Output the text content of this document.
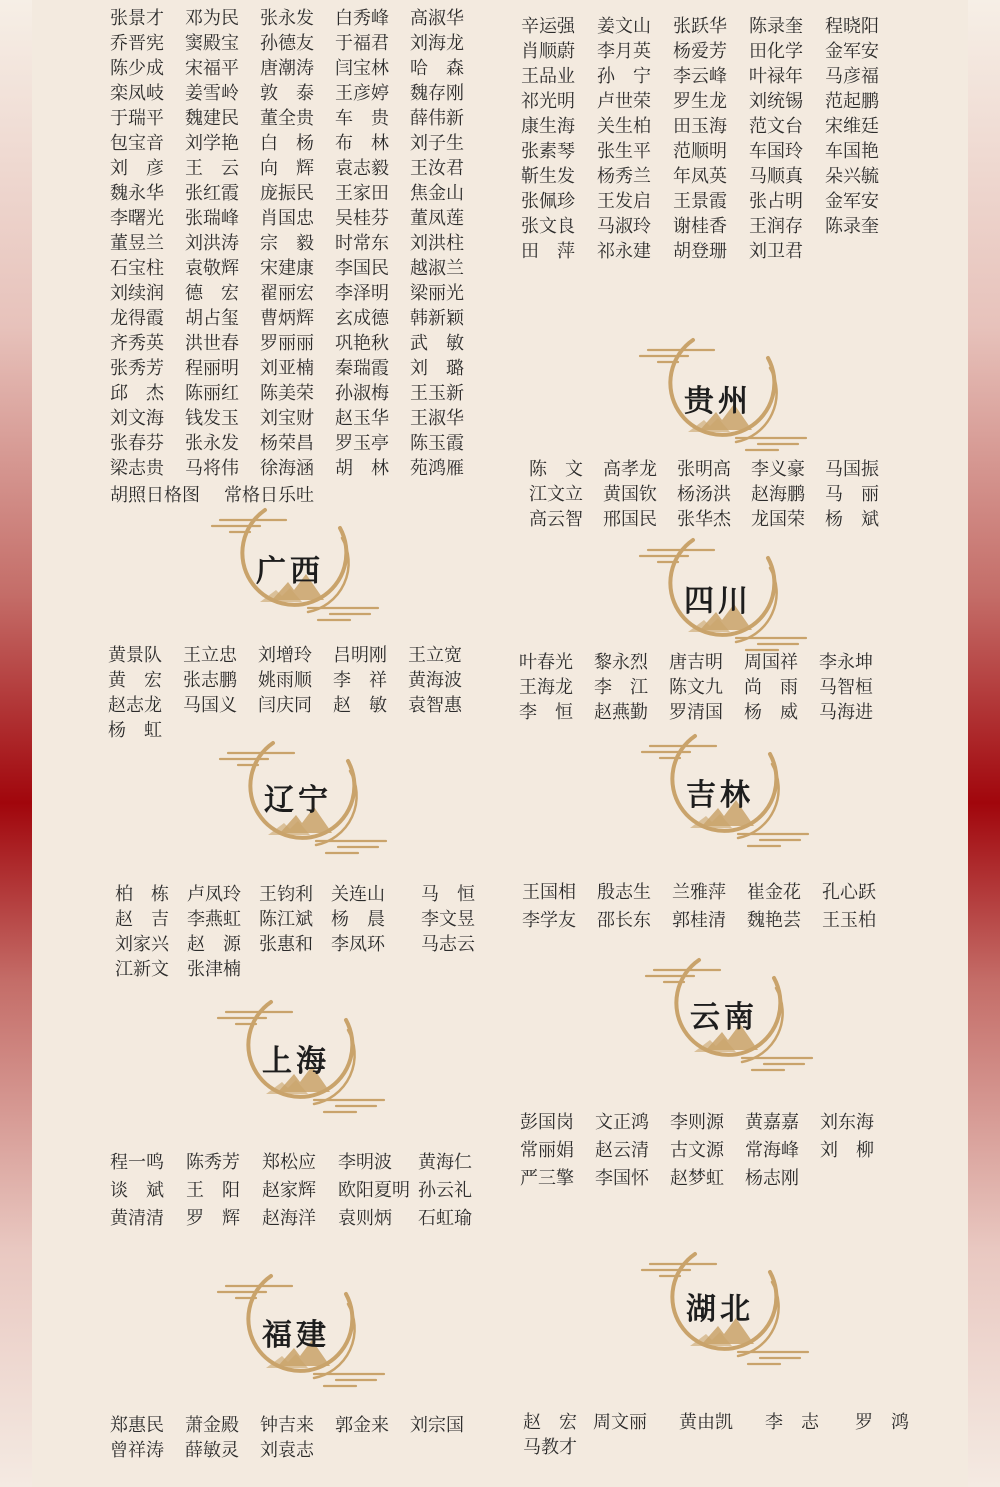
张景才	邓为民	张永发	白秀峰	高淑华
乔晋宪	窦殿宝	孙德友	于福君	刘海龙
陈少成	宋福平	唐潮涛	闫宝林	哈　森
栾凤岐	姜雪岭	敦　泰	王彦婷	魏存刚
于瑞平	魏建民	董全贵	车　贵	薛伟新
包宝音	刘学艳	白　杨	布　林	刘子生
刘　彦	王　云	向　辉	袁志毅	王汝君
魏永华	张红霞	庞振民	王家田	焦金山
李曙光	张瑞峰	肖国忠	吴桂芬	董凤莲
董昱兰	刘洪涛	宗　毅	时常东	刘洪柱
石宝柱	袁敬辉	宋建康	李国民	越淑兰
刘续润	德　宏	翟丽宏	李泽明	梁丽光
龙得霞	胡占玺	曹炳辉	玄成德	韩新颖
齐秀英	洪世春	罗丽丽	巩艳秋	武　敏
张秀芳	程丽明	刘亚楠	秦瑞霞	刘　璐
邱　杰	陈丽红	陈美荣	孙淑梅	王玉新
刘文海	钱发玉	刘宝财	赵玉华	王淑华
张春芬	张永发	杨荣昌	罗玉亭	陈玉霞
梁志贵	马将伟	徐海涵	胡　林	苑鸿雁
胡照日格图 常格日乐吐
辛运强	姜文山	张跃华	陈录奎	程晓阳
肖顺蔚	李月英	杨爱芳	田化学	金军安
王品业	孙　宁	李云峰	叶禄年	马彦福
祁光明	卢世荣	罗生龙	刘统锡	范起鹏
康生海	关生柏	田玉海	范文台	宋维廷
张素琴	张生平	范顺明	车国玲	车国艳
靳生发	杨秀兰	年凤英	马顺真	朵兴毓
张佩珍	王发启	王景霞	张占明	金军安
张文良	马淑玲	谢桂香	王润存	陈录奎
田　萍	祁永建	胡登珊	刘卫君
广西
黄景队	王立忠	刘增玲	吕明刚	王立宽
黄　宏	张志鹏	姚雨顺	李　祥	黄海波
赵志龙	马国义	闫庆同	赵　敏	袁智惠
杨　虹
辽宁
柏　栋	卢凤玲	王钧利	关连山	马　恒
赵　吉	李燕虹	陈江斌	杨　晨	李文昱
刘家兴	赵　源	张惠和	李凤环	马志云
江新文	张津楠
上海
程一鸣	陈秀芳	郑松应	李明波	黄海仁
谈　斌	王　阳	赵家辉	欧阳夏明 孙云礼
黄清清	罗　辉	赵海洋	袁则炳	石虹瑜
福建
郑惠民	萧金殿	钟吉来	郭金来	刘宗国
曾祥涛	薛敏灵	刘袁志
贵州
陈　文	高孝龙	张明高	李义豪	马国振
江文立	黄国钦	杨汤洪	赵海鹏	马　丽
高云智	邢国民	张华杰	龙国荣	杨　斌
四川
叶春光	黎永烈	唐吉明	周国祥	李永坤
王海龙	李　江	陈文九	尚　雨	马智桓
李　恒	赵燕勤	罗清国	杨　威	马海进
吉林
王国相	殷志生	兰雅萍	崔金花	孔心跃
李学友	邵长东	郭桂清	魏艳芸	王玉柏
云南
彭国岗	文正鸿	李则源	黄嘉嘉	刘东海
常丽娟	赵云清	古文源	常海峰	刘　柳
严三擎	李国怀	赵梦虹	杨志刚
湖北
赵　宏 周文丽	黄由凯	李　志	罗　鸿
马教才
